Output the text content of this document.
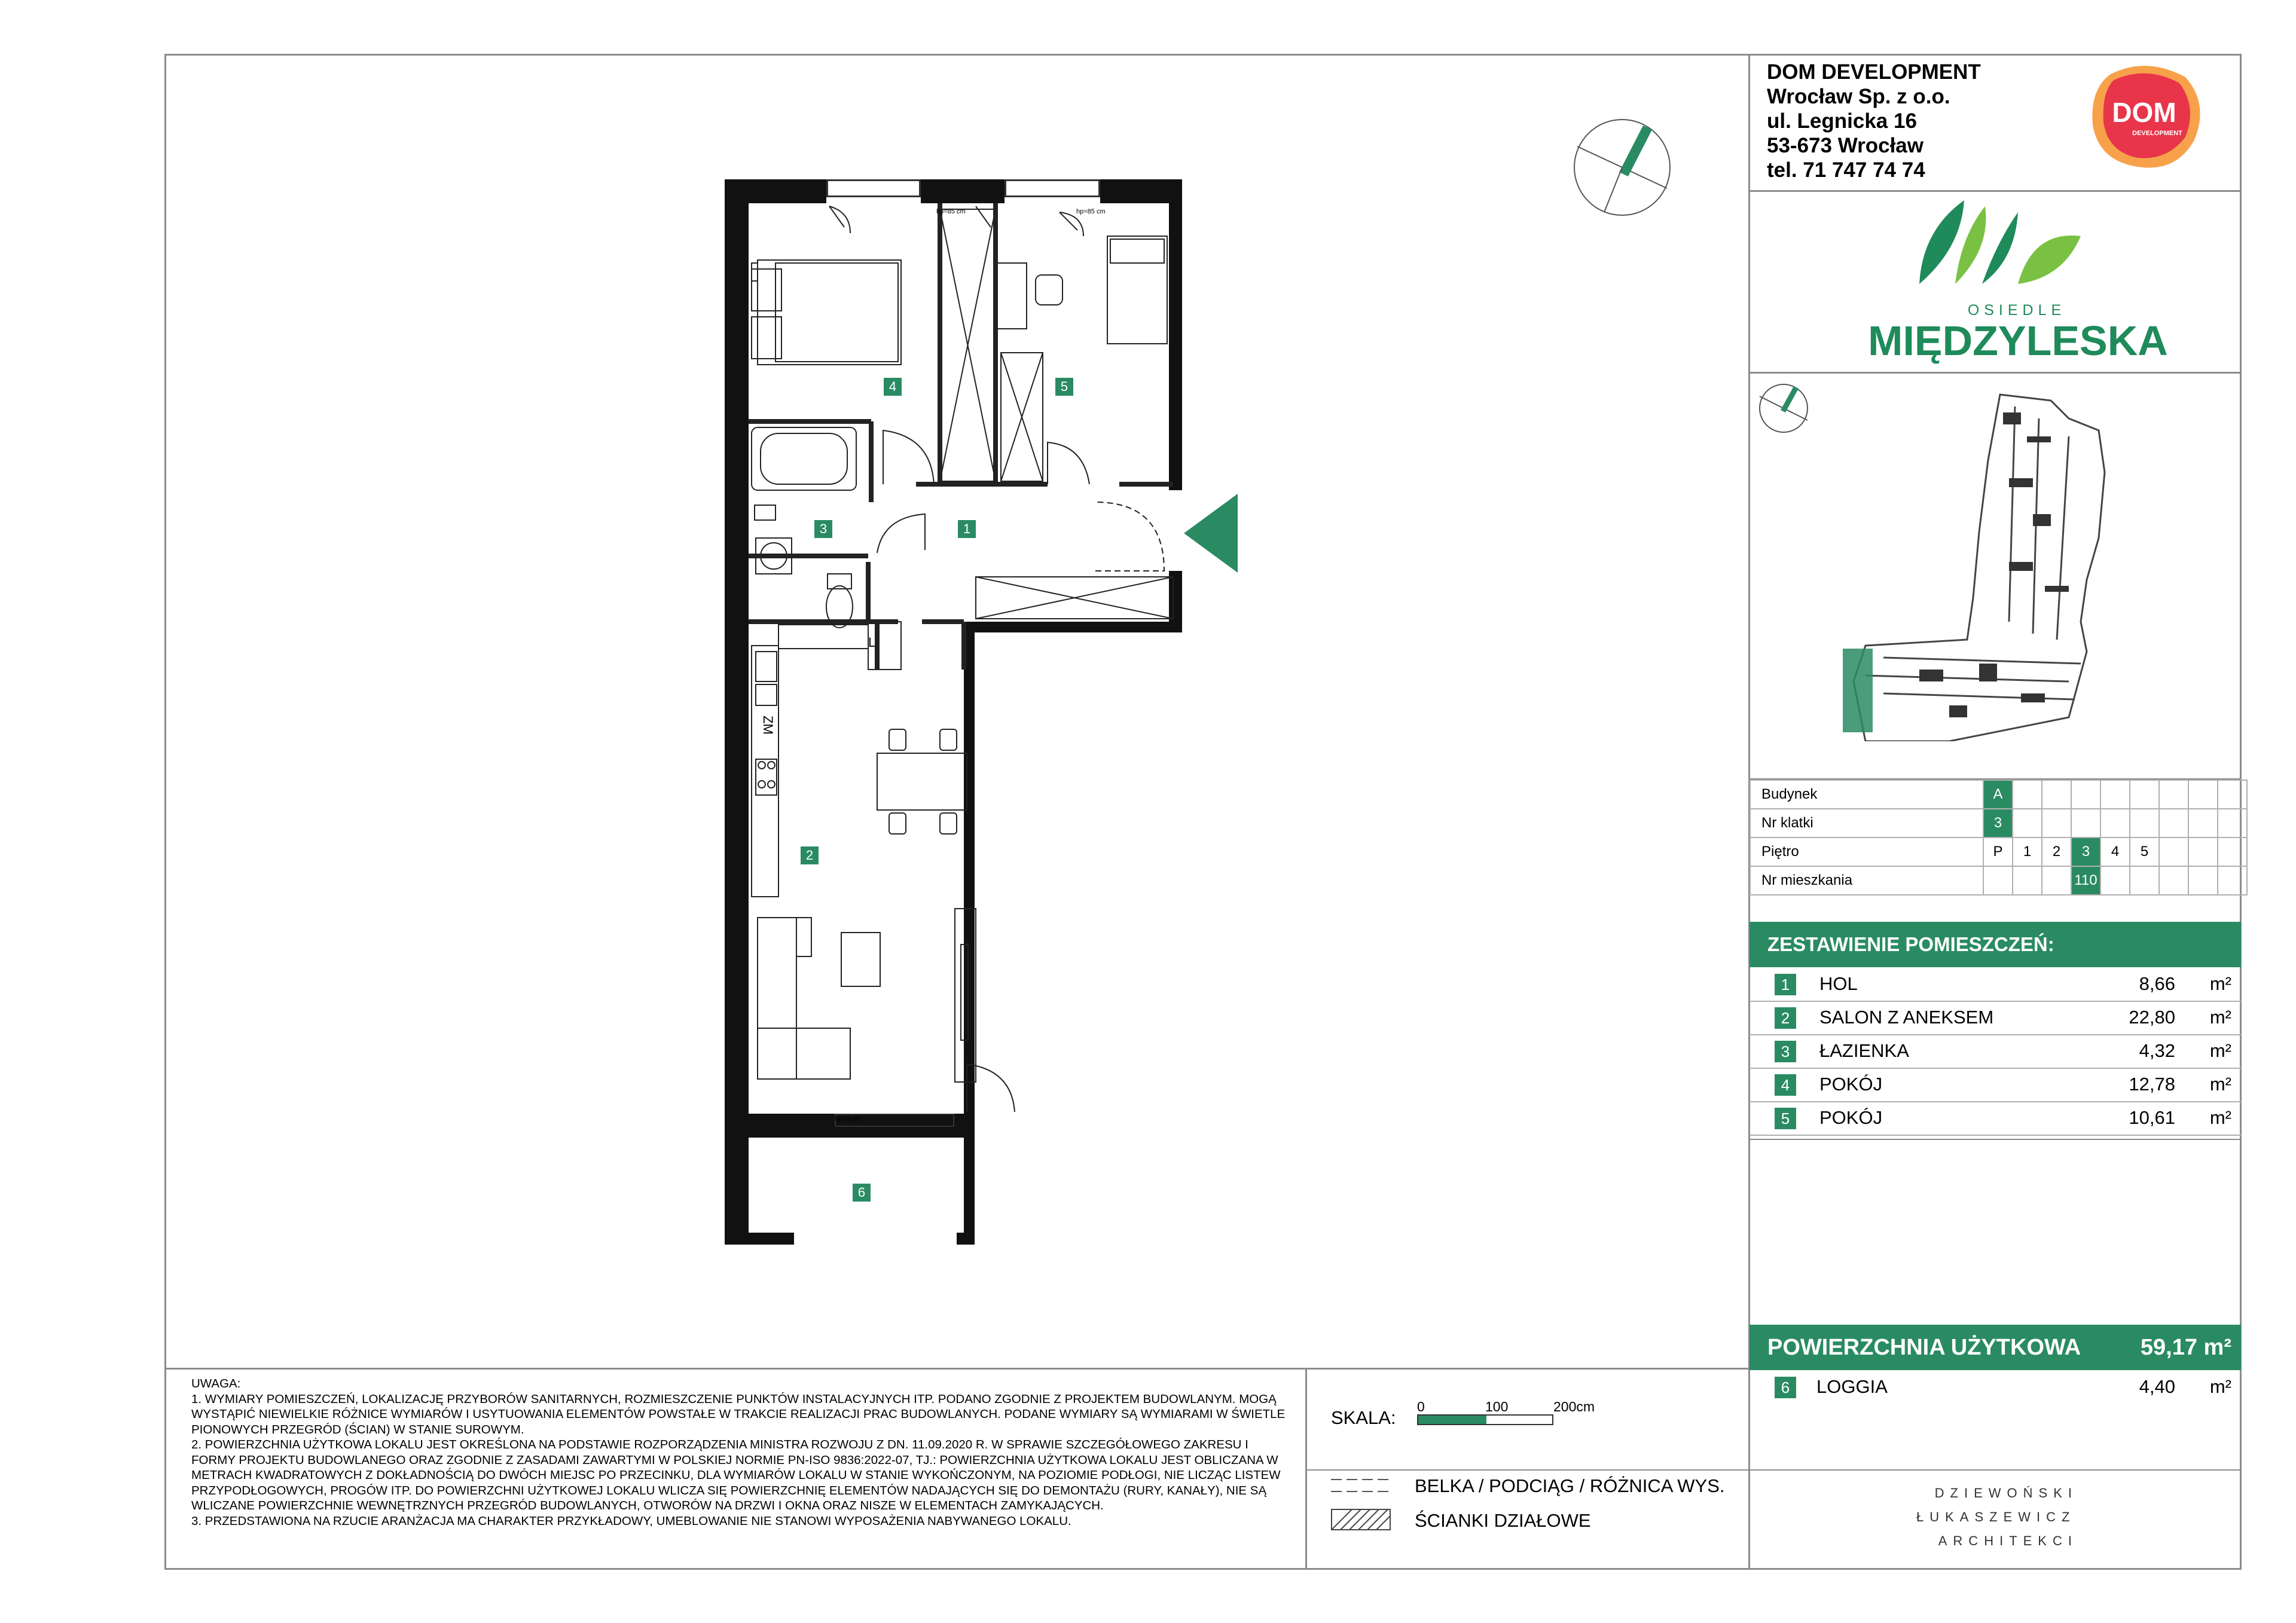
DOM DEVELOPMENT
Wrocław Sp. z o.o.
ul. Legnicka 16
53-673 Wrocław
tel. 71 747 74 74
DOM
DEVELOPMENT
OSIEDLE
MIĘDZYLESKA
Budynek	A								
Nr klatki	3								
Piętro	P	1	2	3	4	5			
Nr mieszkania				110					
ZESTAWIENIE POMIESZCZEŃ:
1	HOL	8,66 m²
2	SALON Z ANEKSEM	22,80 m²
3	ŁAZIENKA	4,32 m²
4	POKÓJ	12,78 m²
5	POKÓJ	10,61 m²
POWIERZCHNIA UŻYTKOWA	59,17 m²
6	LOGGIA	4,40 m²

UWAGA:

1. WYMIARY POMIESZCZEŃ, LOKALIZACJĘ PRZYBORÓW SANITARNYCH, ROZMIESZCZENIE PUNKTÓW INSTALACYJNYCH ITP. PODANO ZGODNIE Z PROJEKTEM BUDOWLANYM. MOGĄ WYSTĄPIĆ NIEWIELKIE RÓŻNICE WYMIARÓW I USYTUOWANIA ELEMENTÓW POWSTAŁE W TRAKCIE REALIZACJI PRAC BUDOWLANYCH. PODANE WYMIARY SĄ WYMIARAMI W ŚWIETLE PIONOWYCH PRZEGRÓD (ŚCIAN) W STANIE SUROWYM.

2. POWIERZCHNIA UŻYTKOWA LOKALU JEST OKREŚLONA NA PODSTAWIE ROZPORZĄDZENIA MINISTRA ROZWOJU Z DN. 11.09.2020 R. W SPRAWIE SZCZEGÓŁOWEGO ZAKRESU I FORMY PROJEKTU BUDOWLANEGO ORAZ ZGODNIE Z ZASADAMI ZAWARTYMI W POLSKIEJ NORMIE PN-ISO 9836:2022-07, TJ.: POWIERZCHNIA UŻYTKOWA LOKALU JEST OBLICZANA W METRACH KWADRATOWYCH Z DOKŁADNOŚCIĄ DO DWÓCH MIEJSC PO PRZECINKU, DLA WYMIARÓW LOKALU W STANIE WYKOŃCZONYM, NA POZIOMIE PODŁOGI, NIE LICZĄC LISTEW PRZYPODŁOGOWYCH, PROGÓW ITP. DO POWIERZCHNI UŻYTKOWEJ LOKALU WLICZA SIĘ POWIERZCHNIĘ ELEMENTÓW NADAJĄCYCH SIĘ DO DEMONTAŻU (RURY, KANAŁY), NIE SĄ WLICZANE POWIERZCHNIE WEWNĘTRZNYCH PRZEGRÓD BUDOWLANYCH, OTWORÓW NA DRZWI I OKNA ORAZ NISZE W ELEMENTACH ZAMYKAJĄCYCH.

3. PRZEDSTAWIONA NA RZUCIE ARANŻACJA MA CHARAKTER PRZYKŁADOWY, UMEBLOWANIE NIE STANOWI WYPOSAŻENIA NABYWANEGO LOKALU.

SKALA:
0	100	200cm
BELKA / PODCIĄG / RÓŻNICA WYS.
ŚCIANKI DZIAŁOWE
DZIEWOŃSKI
ŁUKASZEWICZ
ARCHITEKCI
1
2
3
4	5
6
hp=85 cm	hp=85 cm
hp=0 cm
ZM
L
